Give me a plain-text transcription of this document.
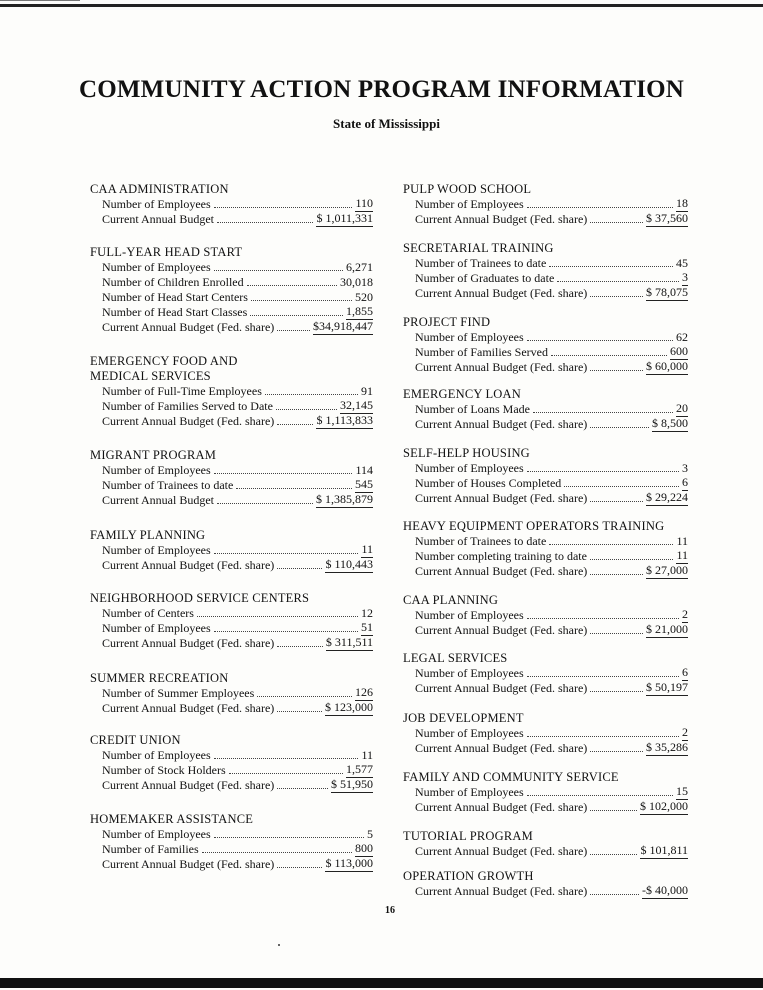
COMMUNITY ACTION PROGRAM INFORMATION
State of Mississippi
CAA ADMINISTRATION
Number of Employees	110
Current Annual Budget	$ 1,011,331
FULL-YEAR HEAD START
Number of Employees	6,271
Number of Children Enrolled	30,018
Number of Head Start Centers	520
Number of Head Start Classes	1,855
Current Annual Budget (Fed. share)	$34,918,447
EMERGENCY FOOD AND
MEDICAL SERVICES
Number of Full-Time Employees	91
Number of Families Served to Date	32,145
Current Annual Budget (Fed. share)	$ 1,113,833
MIGRANT PROGRAM
Number of Employees	114
Number of Trainees to date	545
Current Annual Budget	$ 1,385,879
FAMILY PLANNING
Number of Employees	11
Current Annual Budget (Fed. share)	$ 110,443
NEIGHBORHOOD SERVICE CENTERS
Number of Centers	12
Number of Employees	51
Current Annual Budget (Fed. share)	$ 311,511
SUMMER RECREATION
Number of Summer Employees	126
Current Annual Budget (Fed. share)	$ 123,000
CREDIT UNION
Number of Employees	11
Number of Stock Holders	1,577
Current Annual Budget (Fed. share)	$ 51,950
HOMEMAKER ASSISTANCE
Number of Employees	5
Number of Families	800
Current Annual Budget (Fed. share)	$ 113,000
PULP WOOD SCHOOL
Number of Employees	18
Current Annual Budget (Fed. share)	$ 37,560
SECRETARIAL TRAINING
Number of Trainees to date	45
Number of Graduates to date	3
Current Annual Budget (Fed. share)	$ 78,075
PROJECT FIND
Number of Employees	62
Number of Families Served	600
Current Annual Budget (Fed. share)	$ 60,000
EMERGENCY LOAN
Number of Loans Made	20
Current Annual Budget (Fed. share)	$ 8,500
SELF-HELP HOUSING
Number of Employees	3
Number of Houses Completed	6
Current Annual Budget (Fed. share)	$ 29,224
HEAVY EQUIPMENT OPERATORS TRAINING
Number of Trainees to date	11
Number completing training to date	11
Current Annual Budget (Fed. share)	$ 27,000
CAA PLANNING
Number of Employees	2
Current Annual Budget (Fed. share)	$ 21,000
LEGAL SERVICES
Number of Employees	6
Current Annual Budget (Fed. share)	$ 50,197
JOB DEVELOPMENT
Number of Employees	2
Current Annual Budget (Fed. share)	$ 35,286
FAMILY AND COMMUNITY SERVICE
Number of Employees	15
Current Annual Budget (Fed. share)	$ 102,000
TUTORIAL PROGRAM
Current Annual Budget (Fed. share)	$ 101,811
OPERATION GROWTH
Current Annual Budget (Fed. share)	-$ 40,000
16
